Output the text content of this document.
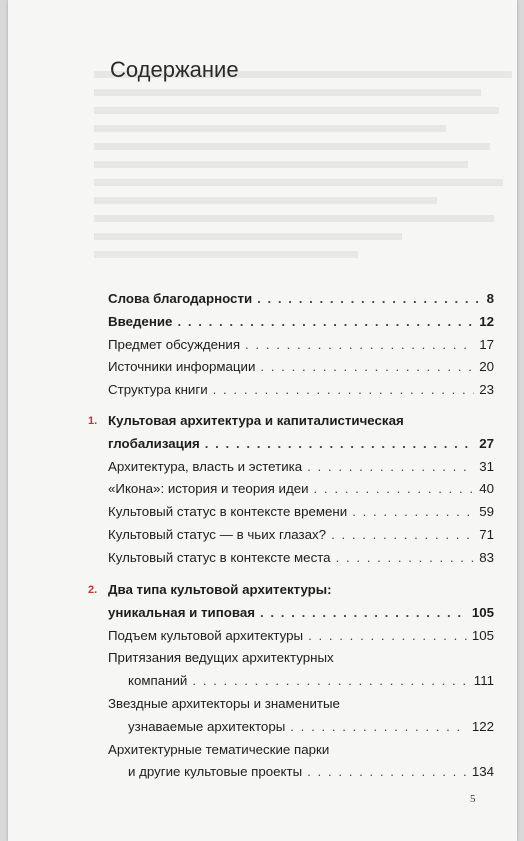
Содержание
Слова благодарности . . .	8
Введение . . .	12
Предмет обсуждения . . .	17
Источники информации . . .	20
Структура книги . . .	23
1. Культовая архитектура и капиталистическая
глобализация . . .	27
Архитектура, власть и эстетика . . .	31
«Икона»: история и теория идеи . . .	40
Культовый статус в контексте времени . . .	59
Культовый статус — в чьих глазах? . . .	71
Культовый статус в контексте места . . .	83
2. Два типа культовой архитектуры:
уникальная и типовая . . .	105
Подъем культовой архитектуры . . .	105
Притязания ведущих архитектурных
компаний . . .	111
Звездные архитекторы и знаменитые
узнаваемые архитекторы . . .	122
Архитектурные тематические парки
и другие культовые проекты . . .	134
5
